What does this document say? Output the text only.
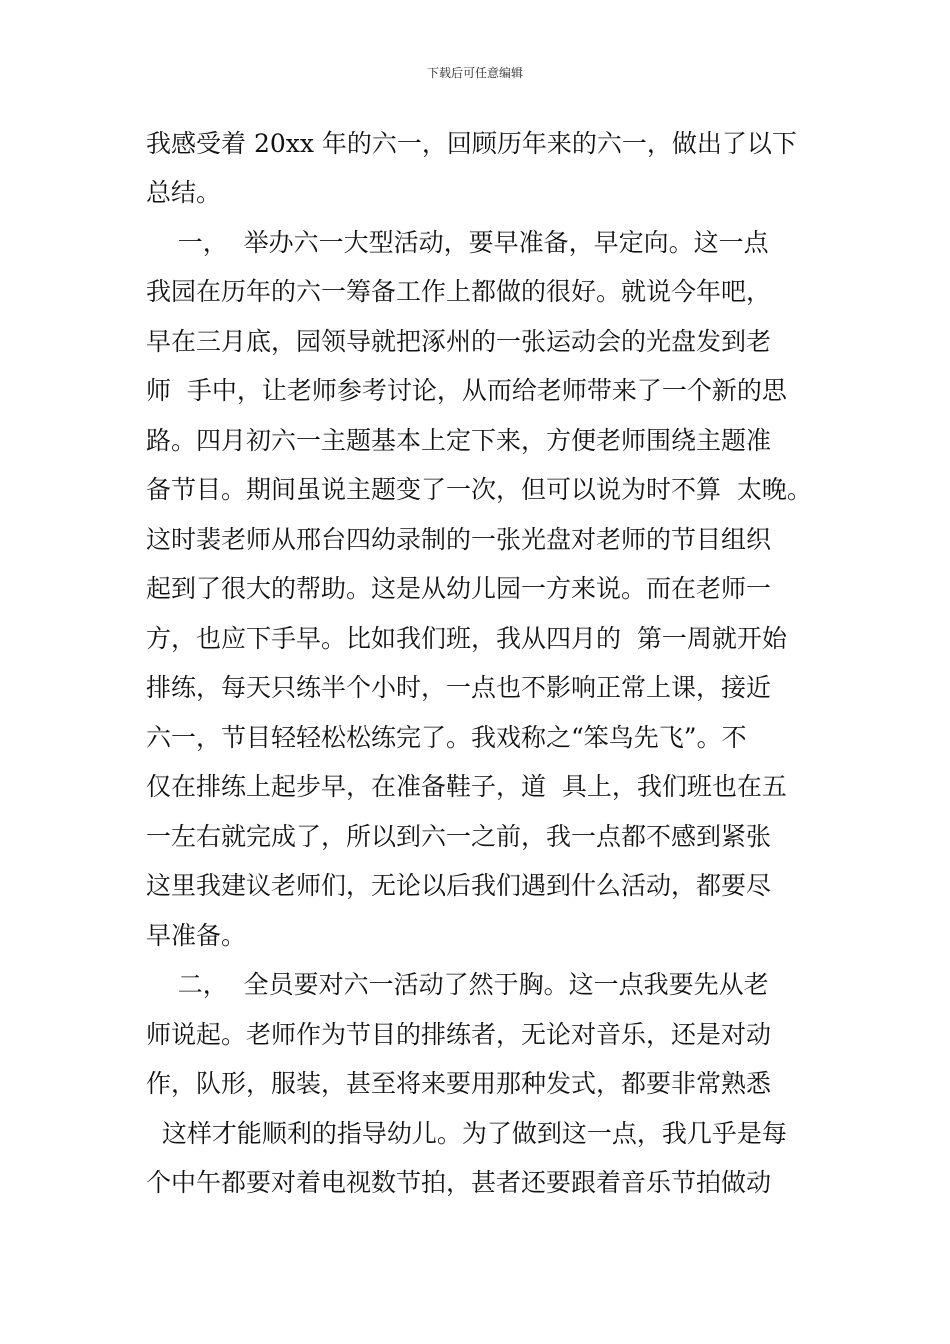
下载后可任意编辑
我感受着 20xx 年的六一，回顾历年来的六一，做出了以下
总结。
一，  举办六一大型活动，要早准备，早定向。这一点
我园在历年的六一筹备工作上都做的很好。就说今年吧，
早在三月底，园领导就把涿州的一张运动会的光盘发到老
师  手中，让老师参考讨论，从而给老师带来了一个新的思
路。四月初六一主题基本上定下来，方便老师围绕主题准
备节目。期间虽说主题变了一次，但可以说为时不算  太晚。
这时裴老师从邢台四幼录制的一张光盘对老师的节目组织
起到了很大的帮助。这是从幼儿园一方来说。而在老师一
方，也应下手早。比如我们班，我从四月的  第一周就开始
排练，每天只练半个小时，一点也不影响正常上课，接近
六一，节目轻轻松松练完了。我戏称之“笨鸟先飞”。不
仅在排练上起步早，在准备鞋子，道  具上，我们班也在五
一左右就完成了，所以到六一之前，我一点都不感到紧张
这里我建议老师们，无论以后我们遇到什么活动，都要尽
早准备。
二，  全员要对六一活动了然于胸。这一点我要先从老
师说起。老师作为节目的排练者，无论对音乐，还是对动
作，队形，服装，甚至将来要用那种发式，都要非常熟悉
这样才能顺利的指导幼儿。为了做到这一点，我几乎是每
个中午都要对着电视数节拍，甚者还要跟着音乐节拍做动
